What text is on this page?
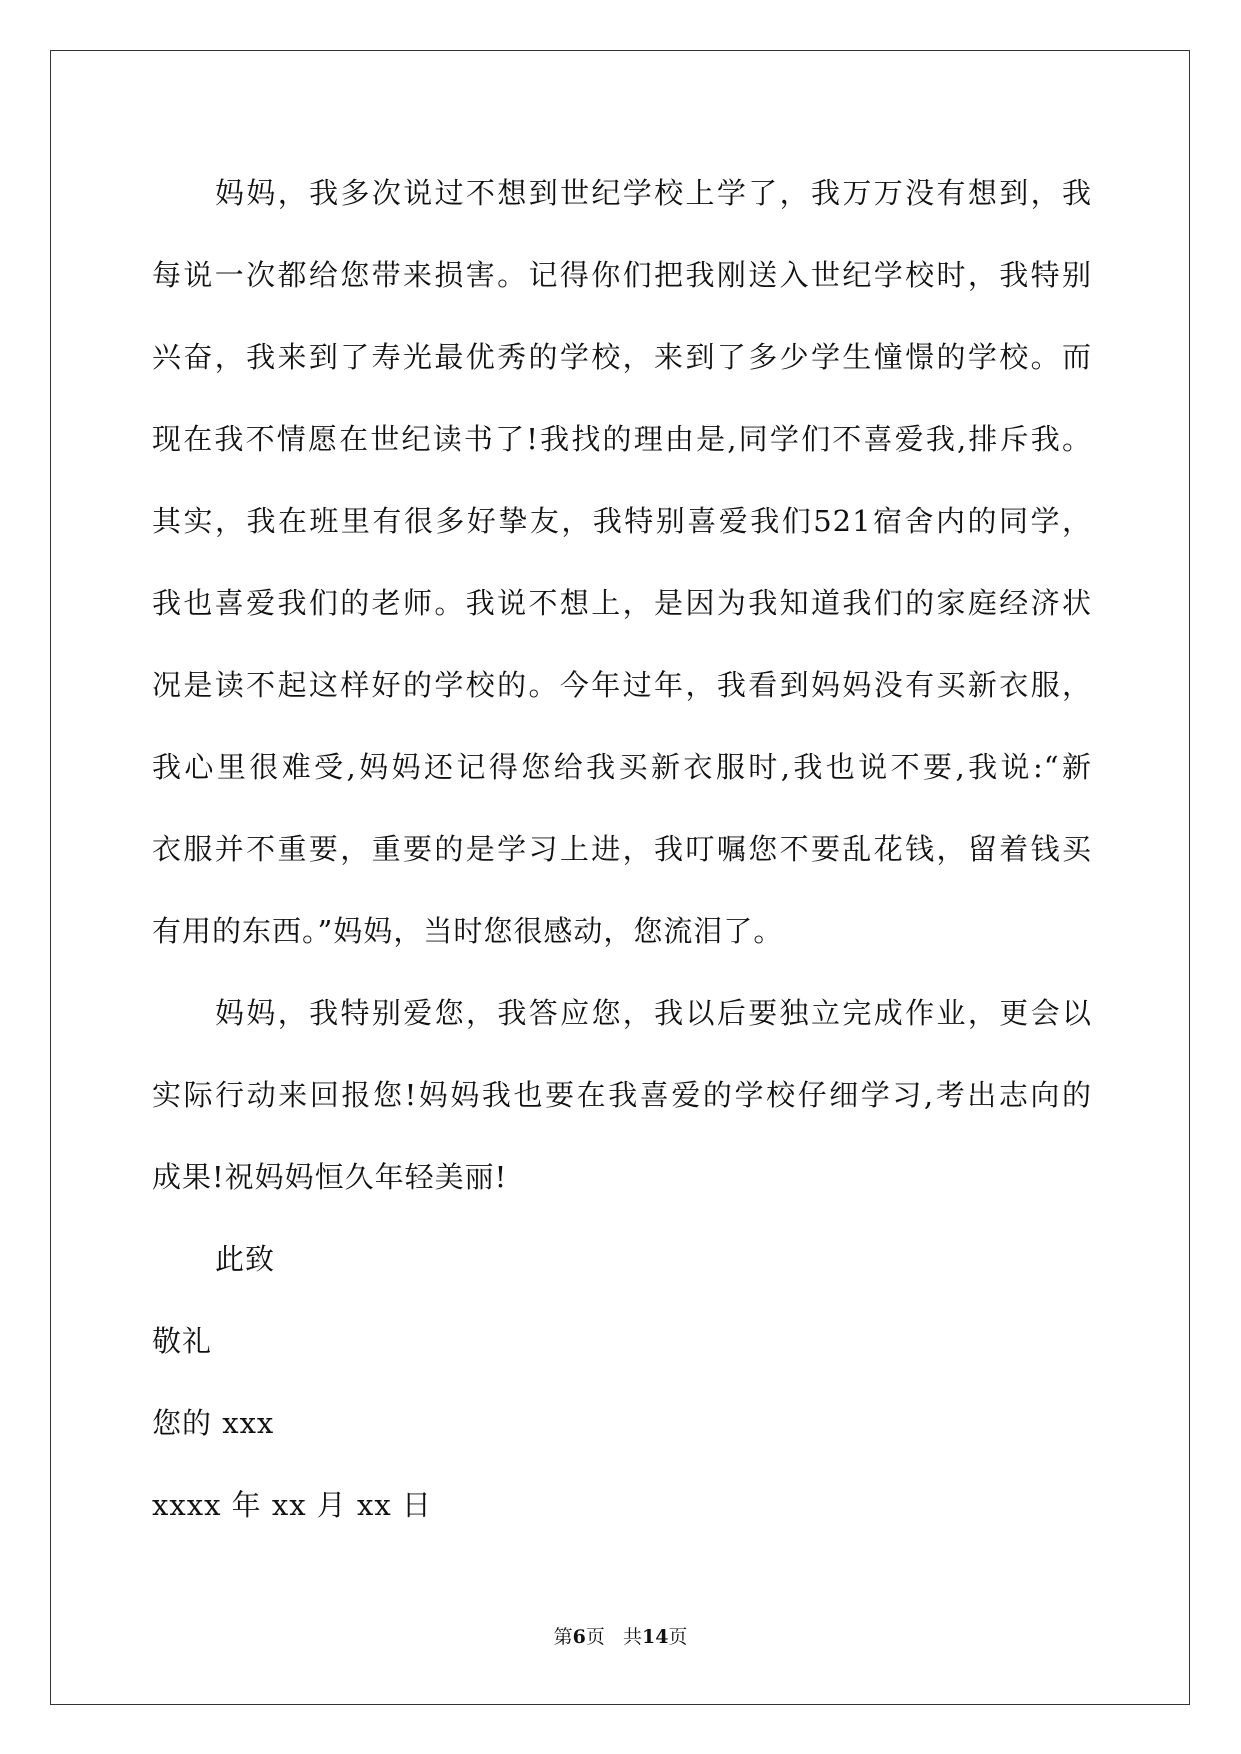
妈妈，我多次说过不想到世纪学校上学了，我万万没有想到，我
每说一次都给您带来损害。记得你们把我刚送入世纪学校时，我特别
兴奋，我来到了寿光最优秀的学校，来到了多少学生憧憬的学校。而
现在我不情愿在世纪读书了!我找的理由是,同学们不喜爱我,排斥我。
其实，我在班里有很多好挚友，我特别喜爱我们521宿舍内的同学，
我也喜爱我们的老师。我说不想上，是因为我知道我们的家庭经济状
况是读不起这样好的学校的。今年过年，我看到妈妈没有买新衣服，
我心里很难受,妈妈还记得您给我买新衣服时,我也说不要,我说:“新
衣服并不重要，重要的是学习上进，我叮嘱您不要乱花钱，留着钱买
有用的东西。”妈妈，当时您很感动，您流泪了。
妈妈，我特别爱您，我答应您，我以后要独立完成作业，更会以
实际行动来回报您!妈妈我也要在我喜爱的学校仔细学习,考出志向的
成果!祝妈妈恒久年轻美丽!
此致
敬礼
您的 xxx
xxxx 年 xx 月 xx 日
第6页 共14页
